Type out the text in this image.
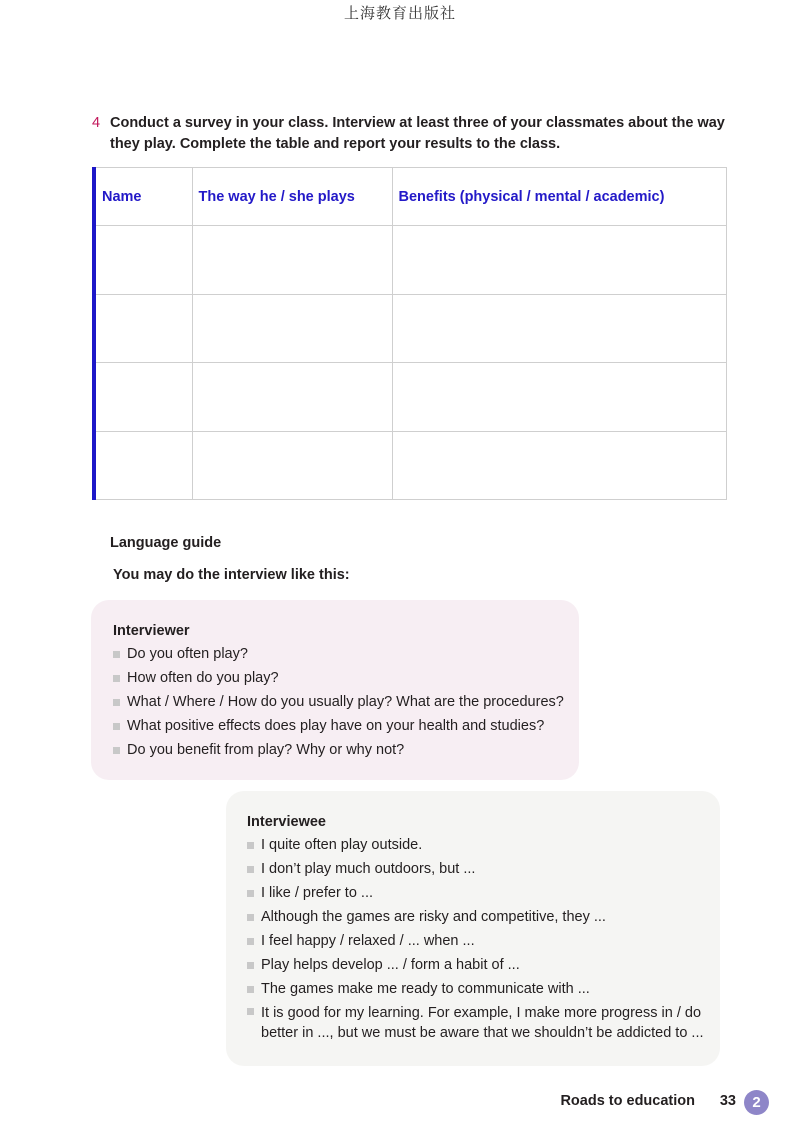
上海教育出版社
4 Conduct a survey in your class. Interview at least three of your classmates about the way they play. Complete the table and report your results to the class.
Name	The way he / she plays	Benefits (physical / mental / academic)

Language guide
You may do the interview like this:
Interviewer
Do you often play?
How often do you play?
What / Where / How do you usually play? What are the procedures?
What positive effects does play have on your health and studies?
Do you benefit from play? Why or why not?
Interviewee
I quite often play outside.
I don’t play much outdoors, but ...
I like / prefer to ...
Although the games are risky and competitive, they ...
I feel happy / relaxed / ... when ...
Play helps develop ... / form a habit of ...
The games make me ready to communicate with ...
It is good for my learning. For example, I make more progress in / do better in ..., but we must be aware that we shouldn’t be addicted to ...
Roads to education 33	2
